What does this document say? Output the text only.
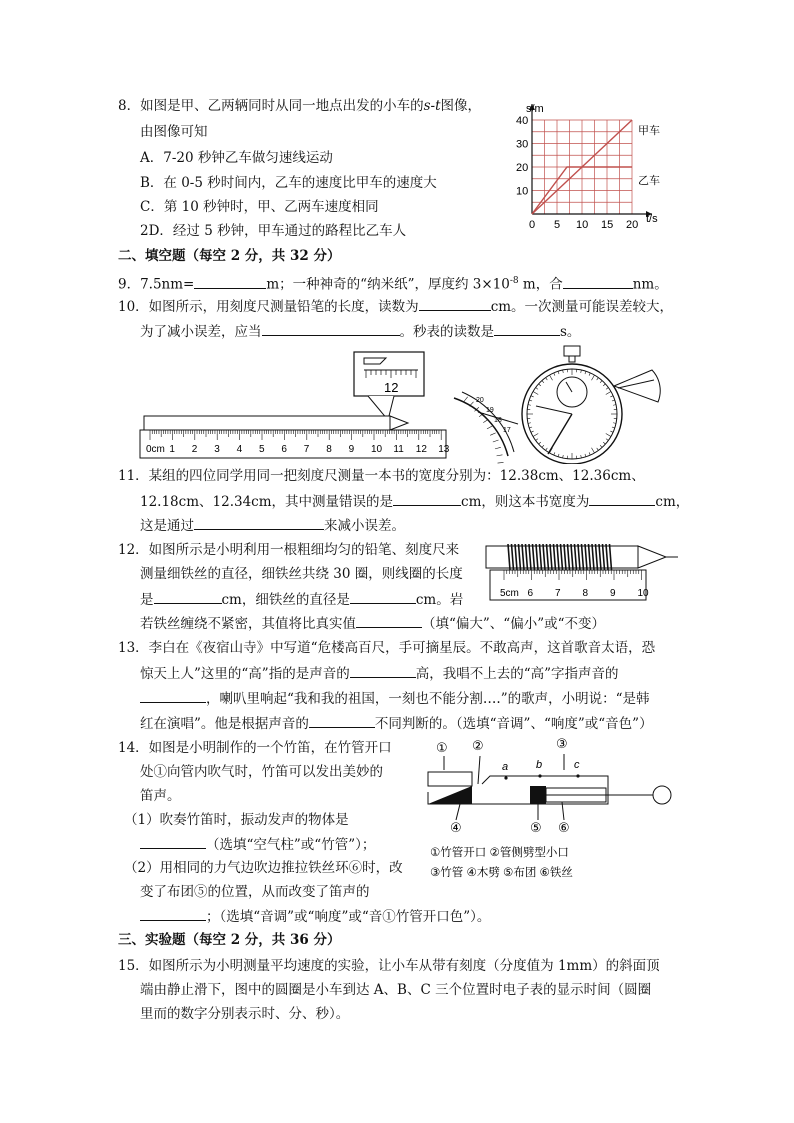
8．如图是甲、乙两辆同时从同一地点出发的小车的s-t图像，
由图像可知
A．7-20 秒钟乙车做匀速线运动
B．在 0-5 秒时间内，乙车的速度比甲车的速度大
C．第 10 秒钟时，甲、乙两车速度相同
2D．经过 5 秒钟，甲车通过的路程比乙车人	0 5 10 15 20
10
20
30
40
s/m
t/s
甲车
乙车
二、填空题（每空 2 分，共 32 分）
9．7.5nm=	m；一种神奇的“纳米纸”，厚度约 $3\times 10^{-8}$ m，合	nm。
10．如图所示，用刻度尺测量铅笔的长度，读数为	cm。一次测量可能误差较大，
为了减小误差，应当	。秒表的读数是	s。
12
0cm 1 2 3 4 5 6 7 8 9 10 11 12 13
20
19
18
17
11．某组的四位同学用同一把刻度尺测量一本书的宽度分别为：12.38cm、12.36cm、
12.18cm、12.34cm，其中测量错误的是	cm，则这本书宽度为	cm，
这是通过	来减小误差。
12．如图所示是小明利用一根粗细均匀的铅笔、刻度尺来
测量细铁丝的直径，细铁丝共绕 30 圈，则线圈的长度
是	cm，细铁丝的直径是	cm。岩
若铁丝缠绕不紧密，其值将比真实值	（填“偏大”、“偏小”或“不变）
5cm 6 7 8 9 10
13．李白在《夜宿山寺》中写道“危楼高百尺，手可摘星辰。不敢高声，这首歌音太语，恐
惊天上人”这里的“高”指的是声音的	高，我唱不上去的“高”字指声音的
，喇叭里响起“我和我的祖国，一刻也不能分割….”的歌声，小明说：“是韩
红在演唱”。他是根据声音的	不同判断的。（选填“音调”、“响度”或“音色”）
14．如图是小明制作的一个竹笛，在竹管开口
处①向管内吹气时，竹笛可以发出美妙的
笛声。
（1）吹奏竹笛时，振动发声的物体是
（选填“空气柱”或“竹管”）；
（2）用相同的力气边吹边推拉铁丝环⑥时，改
变了布团⑤的位置，从而改变了笛声的
；（选填“音调”或“响度”或“音①竹管开口色”）。
① ②	③
a	b	c
④	⑤ ⑥
①竹管开口 ②管侧劈型小口
③竹管 ④木劈 ⑤布团 ⑥铁丝
三、实验题（每空 2 分，共 36 分）
15．如图所示为小明测量平均速度的实验，让小车从带有刻度（分度值为 1mm）的斜面顶
端由静止滑下，图中的圆圈是小车到达 A、B、C 三个位置时电子表的显示时间（圆圈
里而的数字分别表示时、分、秒）。
